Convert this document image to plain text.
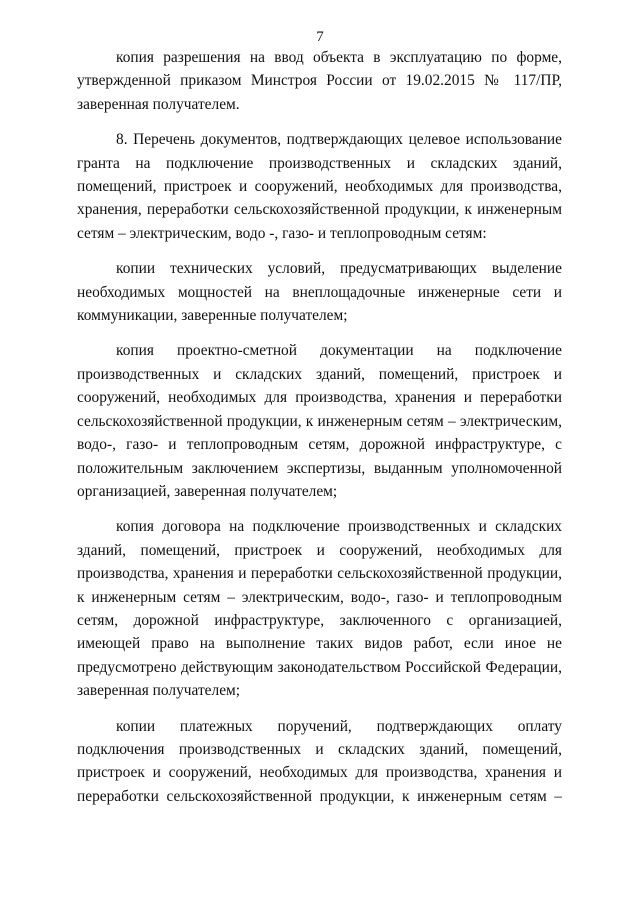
7
копия разрешения на ввод объекта в эксплуатацию по форме,
утвержденной приказом Минстроя России от 19.02.2015 № 117/ПР,
заверенная получателем.
8. Перечень документов, подтверждающих целевое использование
гранта на подключение производственных и складских зданий,
помещений, пристроек и сооружений, необходимых для производства,
хранения, переработки сельскохозяйственной продукции, к инженерным
сетям – электрическим, водо -, газо- и теплопроводным сетям:
копии технических условий, предусматривающих выделение
необходимых мощностей на внеплощадочные инженерные сети и
коммуникации, заверенные получателем;
копия проектно-сметной документации на подключение
производственных и складских зданий, помещений, пристроек и
сооружений, необходимых для производства, хранения и переработки
сельскохозяйственной продукции, к инженерным сетям – электрическим,
водо-, газо- и теплопроводным сетям, дорожной инфраструктуре, с
положительным заключением экспертизы, выданным уполномоченной
организацией, заверенная получателем;
копия договора на подключение производственных и складских
зданий, помещений, пристроек и сооружений, необходимых для
производства, хранения и переработки сельскохозяйственной продукции,
к инженерным сетям – электрическим, водо-, газо- и теплопроводным
сетям, дорожной инфраструктуре, заключенного с организацией,
имеющей право на выполнение таких видов работ, если иное не
предусмотрено действующим законодательством Российской Федерации,
заверенная получателем;
копии платежных поручений, подтверждающих оплату
подключения производственных и складских зданий, помещений,
пристроек и сооружений, необходимых для производства, хранения и
переработки сельскохозяйственной продукции, к инженерным сетям –
